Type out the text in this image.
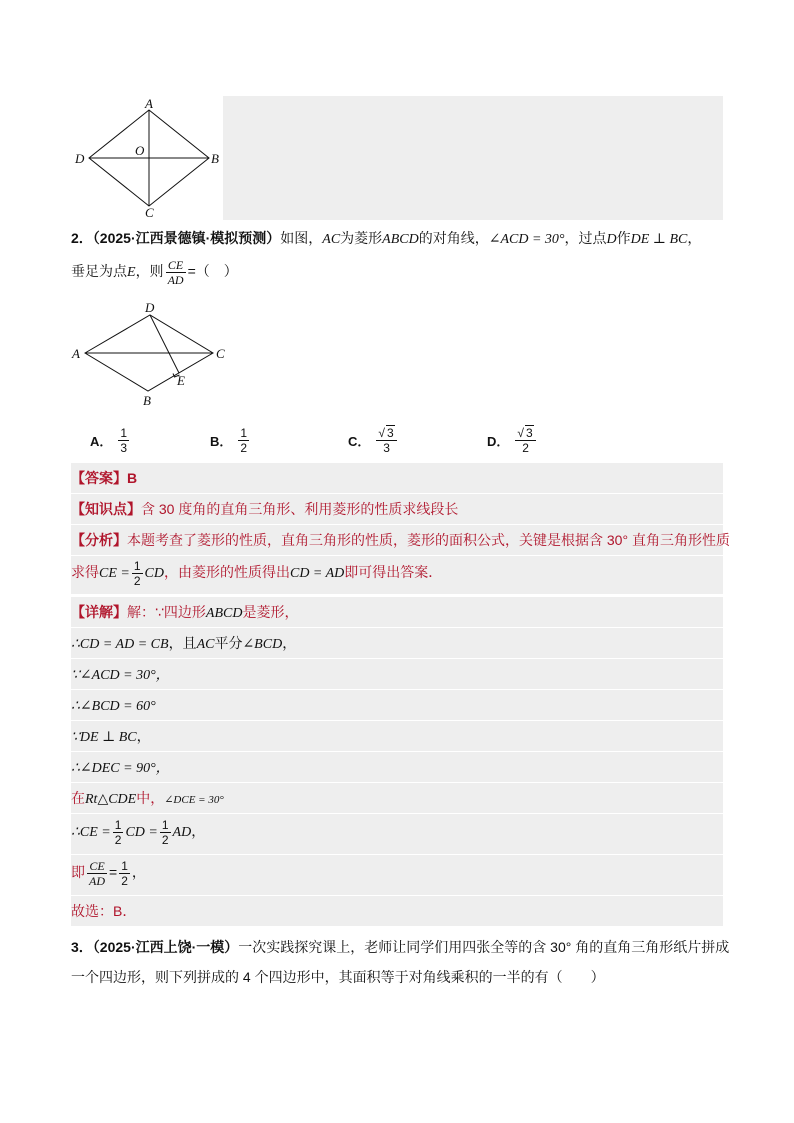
A
B
C
D
O
2．（2025·江西景德镇·模拟预测）如图，AC为菱形ABCD的对角线，∠ACD = 30°，过点D作DE ⊥ BC，
垂足为点E，则 $\frac{CE}{AD}$ =（　）
D
A	C
B
E
A． $\frac{1}{3}$	B． $\frac{1}{2}$	C． $\frac{√ 3}{3}$	D． $\frac{√ 3}{2}$
【答案】B
【知识点】含 30 度角的直角三角形、利用菱形的性质求线段长
【分析】本题考查了菱形的性质，直角三角形的性质，菱形的面积公式，关键是根据含 30° 直角三角形性质
求得CE = $\frac{1}{2}$ CD，由菱形的性质得出CD = AD即可得出答案．
【详解】解：∵四边形ABCD是菱形，
∴CD = AD = CB，且AC平分∠BCD，
∵∠ACD = 30°，
∴∠BCD = 60°
∵DE ⊥ BC，
∴∠DEC = 90°，
在Rt△CDE中，∠DCE = 30°
∴CE = $\frac{1}{2}$ CD = $\frac{1}{2}$ AD，
即 $\frac{CE}{AD} = \frac{1}{2}$ ，
故选：B．
3．（2025·江西上饶·一模）一次实践探究课上，老师让同学们用四张全等的含 30° 角的直角三角形纸片拼成
一个四边形，则下列拼成的 4 个四边形中，其面积等于对角线乘积的一半的有（　　）
